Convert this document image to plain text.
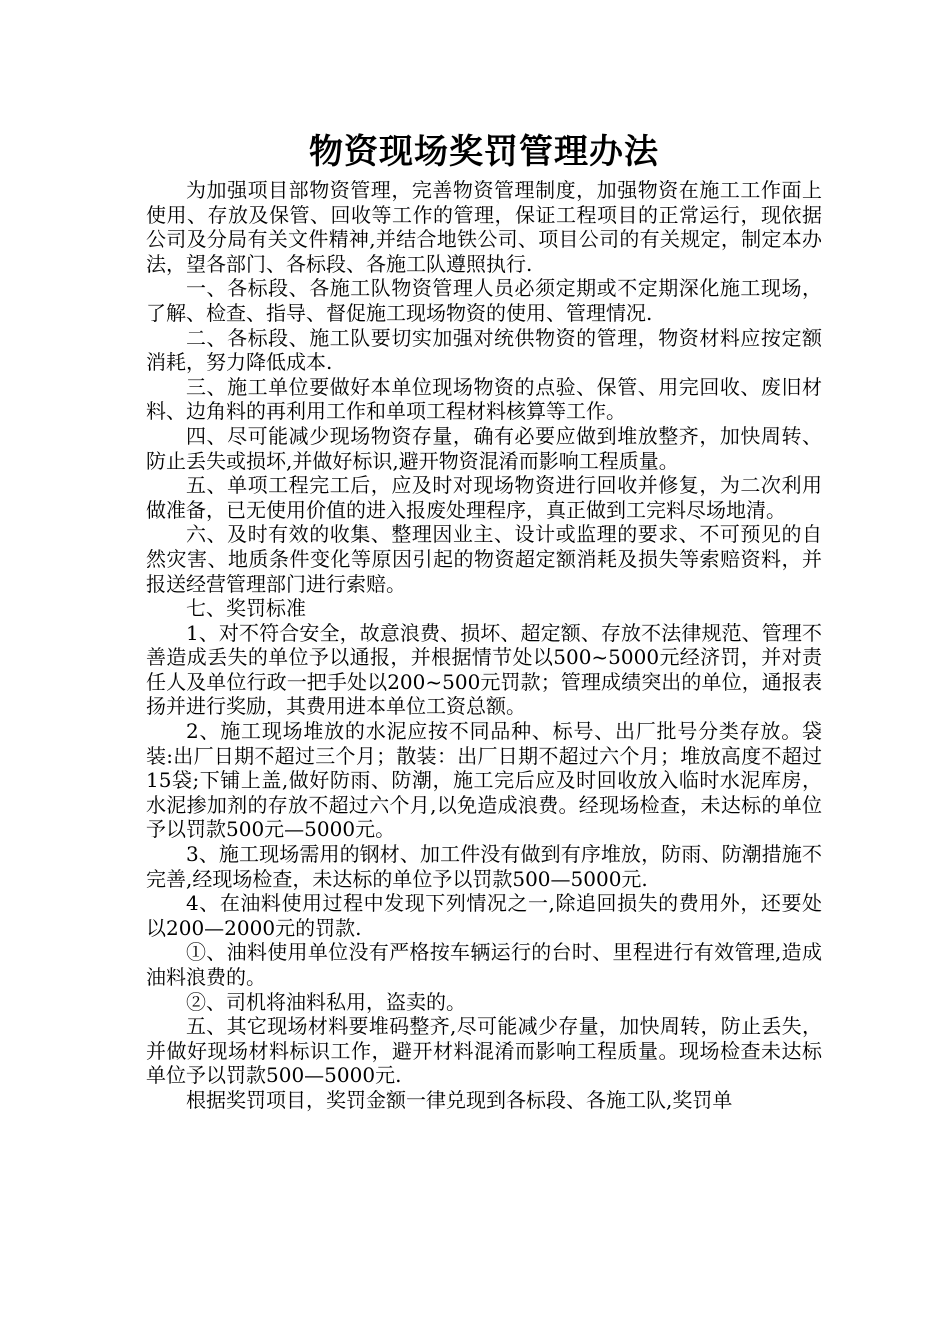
物资现场奖罚管理办法

为加强项目部物资管理，完善物资管理制度，加强物资在施工工作面上使用、存放及保管、回收等工作的管理，保证工程项目的正常运行，现依据公司及分局有关文件精神,并结合地铁公司、项目公司的有关规定，制定本办法，望各部门、各标段、各施工队遵照执行.

一、各标段、各施工队物资管理人员必须定期或不定期深化施工现场，了解、检查、指导、督促施工现场物资的使用、管理情况.

二、各标段、施工队要切实加强对统供物资的管理，物资材料应按定额消耗，努力降低成本.

三、施工单位要做好本单位现场物资的点验、保管、用完回收、废旧材料、边角料的再利用工作和单项工程材料核算等工作。

四、尽可能减少现场物资存量，确有必要应做到堆放整齐，加快周转、防止丢失或损坏,并做好标识,避开物资混淆而影响工程质量。

五、单项工程完工后，应及时对现场物资进行回收并修复，为二次利用做准备，已无使用价值的进入报废处理程序，真正做到工完料尽场地清。

六、及时有效的收集、整理因业主、设计或监理的要求、不可预见的自然灾害、地质条件变化等原因引起的物资超定额消耗及损失等索赔资料，并报送经营管理部门进行索赔。

七、奖罚标准

1、对不符合安全，故意浪费、损坏、超定额、存放不法律规范、管理不善造成丢失的单位予以通报，并根据情节处以500~5000元经济罚，并对责任人及单位行政一把手处以200~500元罚款；管理成绩突出的单位，通报表扬并进行奖励，其费用进本单位工资总额。

2、施工现场堆放的水泥应按不同品种、标号、出厂批号分类存放。袋装:出厂日期不超过三个月；散装：出厂日期不超过六个月；堆放高度不超过15袋;下铺上盖,做好防雨、防潮，施工完后应及时回收放入临时水泥库房，水泥掺加剂的存放不超过六个月,以免造成浪费。经现场检查，未达标的单位予以罚款500元—5000元。

3、施工现场需用的钢材、加工件没有做到有序堆放，防雨、防潮措施不完善,经现场检查，未达标的单位予以罚款500—5000元.

4、在油料使用过程中发现下列情况之一,除追回损失的费用外，还要处以200—2000元的罚款.

①、油料使用单位没有严格按车辆运行的台时、里程进行有效管理,造成油料浪费的。

②、司机将油料私用，盗卖的。

五、其它现场材料要堆码整齐,尽可能减少存量，加快周转，防止丢失，并做好现场材料标识工作，避开材料混淆而影响工程质量。现场检查未达标单位予以罚款500—5000元.

根据奖罚项目，奖罚金额一律兑现到各标段、各施工队,奖罚单
